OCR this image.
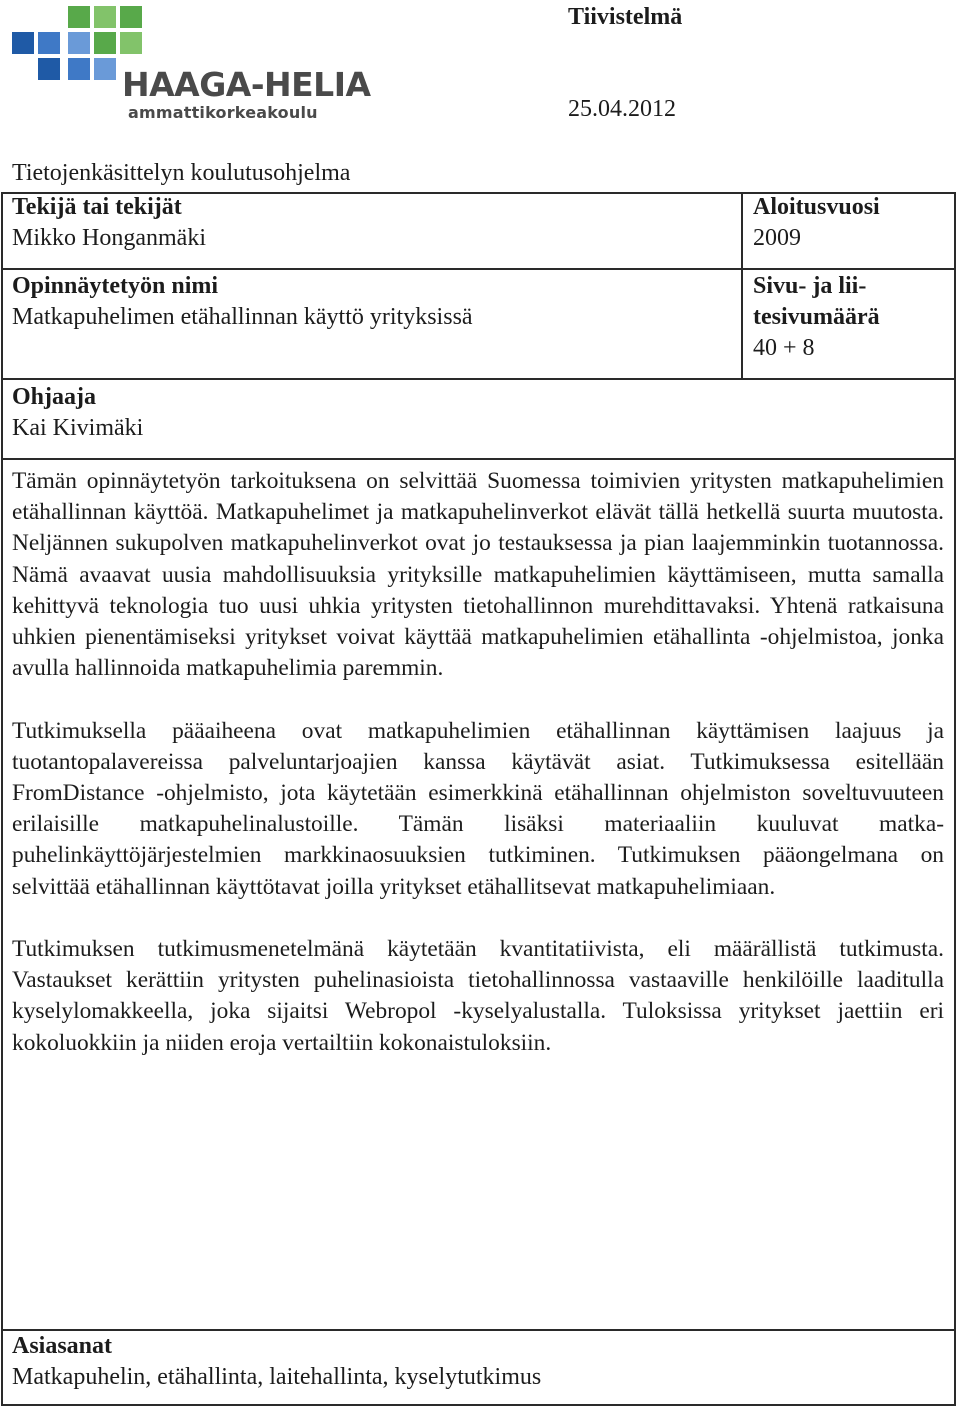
HAAGA-HELIA
ammattikorkeakoulu
Tiivistelmä
25.04.2012
Tietojenkäsittelyn koulutusohjelma
Tekijä tai tekijät
Mikko Honganmäki
Aloitusvuosi
2009
Opinnäytetyön nimi
Matkapuhelimen etähallinnan käyttö yrityksissä
Sivu- ja lii-
tesivumäärä
40 + 8
Ohjaaja
Kai Kivimäki

Tämän opinnäytetyön tarkoituksena on selvittää Suomessa toimivien yritysten matkapuhelimien etähallinnan käyttöä. Matkapuhelimet ja matkapuhelinverkot elävät tällä hetkellä suurta muutosta. Neljännen sukupolven matkapuhelinverkot ovat jo testauksessa ja pian laajemminkin tuotannossa. Nämä avaavat uusia mahdollisuuksia yrityksille matkapuhelimien käyttämiseen, mutta samalla kehittyvä teknologia tuo uusi uhkia yritysten tietohallinnon murehdittavaksi. Yhtenä ratkaisuna uhkien pienentämiseksi yritykset voivat käyttää matkapuhelimien etähallinta -ohjelmistoa, jonka avulla hallinnoida matkapuhelimia paremmin.

Tutkimuksella pääaiheena ovat matkapuhelimien etähallinnan käyttämisen laajuus ja tuotantopalavereissa palveluntarjoajien kanssa käytävät asiat. Tutkimuksessa esitellään FromDistance -ohjelmisto, jota käytetään esimerkkinä etähallinnan ohjelmiston soveltuvuuteen erilaisille matkapuhelinalustoille. Tämän lisäksi materiaaliin kuuluvat matkapuhelinkäyttöjärjestelmien markkinaosuuksien tutkiminen. Tutkimuksen pääongelmana on selvittää etähallinnan käyttötavat joilla yritykset etähallitsevat matkapuhelimiaan.

Tutkimuksen tutkimusmenetelmänä käytetään kvantitatiivista, eli määrällistä tutkimusta. Vastaukset kerättiin yritysten puhelinasioista tietohallinnossa vastaaville henkilöille laaditulla kyselylomakkeella, joka sijaitsi Webropol -kyselyalustalla. Tuloksissa yritykset jaettiin eri kokoluokkiin ja niiden eroja vertailtiin kokonaistuloksiin.

Asiasanat
Matkapuhelin, etähallinta, laitehallinta, kyselytutkimus
